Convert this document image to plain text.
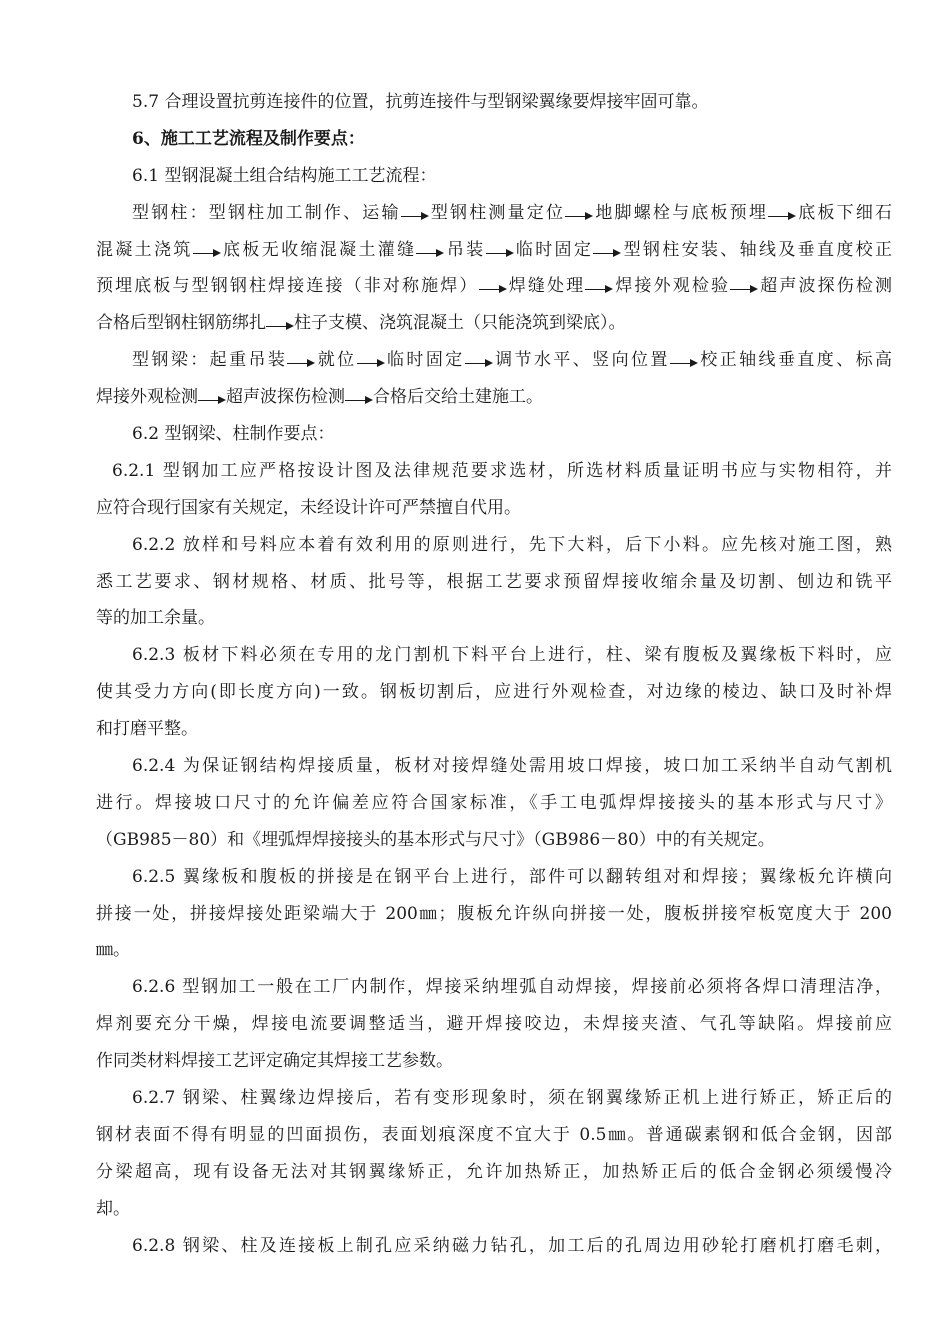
5.7 合理设置抗剪连接件的位置，抗剪连接件与型钢梁翼缘要焊接牢固可靠。
6、施工工艺流程及制作要点：
6.1 型钢混凝土组合结构施工工艺流程：
型钢柱：型钢柱加工制作、运输 型钢柱测量定位 地脚螺栓与底板预埋 底板下细石
混凝土浇筑 底板无收缩混凝土灌缝 吊装 临时固定 型钢柱安装、轴线及垂直度校正
预埋底板与型钢钢柱焊接连接（非对称施焊） 焊缝处理 焊接外观检验 超声波探伤检测
合格后型钢柱钢筋绑扎 柱子支模、浇筑混凝土（只能浇筑到梁底）。
型钢梁：起重吊装 就位 临时固定 调节水平、竖向位置 校正轴线垂直度、标高
焊接外观检测 超声波探伤检测 合格后交给土建施工。
6.2 型钢梁、柱制作要点：
6.2.1 型钢加工应严格按设计图及法律规范要求选材，所选材料质量证明书应与实物相符，并
应符合现行国家有关规定，未经设计许可严禁擅自代用。
6.2.2 放样和号料应本着有效利用的原则进行，先下大料，后下小料。应先核对施工图，熟
悉工艺要求、钢材规格、材质、批号等，根据工艺要求预留焊接收缩余量及切割、刨边和铣平
等的加工余量。
6.2.3 板材下料必须在专用的龙门割机下料平台上进行，柱、梁有腹板及翼缘板下料时，应
使其受力方向(即长度方向)一致。钢板切割后，应进行外观检查，对边缘的棱边、缺口及时补焊
和打磨平整。
6.2.4 为保证钢结构焊接质量，板材对接焊缝处需用坡口焊接，坡口加工采纳半自动气割机
进行。焊接坡口尺寸的允许偏差应符合国家标准，《手工电弧焊焊接接头的基本形式与尺寸》
（GB985－80）和《埋弧焊焊接接头的基本形式与尺寸》（GB986－80）中的有关规定。
6.2.5 翼缘板和腹板的拼接是在钢平台上进行，部件可以翻转组对和焊接；翼缘板允许横向
拼接一处，拼接焊接处距梁端大于 200㎜；腹板允许纵向拼接一处，腹板拼接窄板宽度大于 200
㎜。
6.2.6 型钢加工一般在工厂内制作，焊接采纳埋弧自动焊接，焊接前必须将各焊口清理洁净，
焊剂要充分干燥，焊接电流要调整适当，避开焊接咬边，未焊接夹渣、气孔等缺陷。焊接前应
作同类材料焊接工艺评定确定其焊接工艺参数。
6.2.7 钢梁、柱翼缘边焊接后，若有变形现象时，须在钢翼缘矫正机上进行矫正，矫正后的
钢材表面不得有明显的凹面损伤，表面划痕深度不宜大于 0.5㎜。普通碳素钢和低合金钢，因部
分梁超高，现有设备无法对其钢翼缘矫正，允许加热矫正，加热矫正后的低合金钢必须缓慢冷
却。
6.2.8 钢梁、柱及连接板上制孔应采纳磁力钻孔，加工后的孔周边用砂轮打磨机打磨毛刺，
